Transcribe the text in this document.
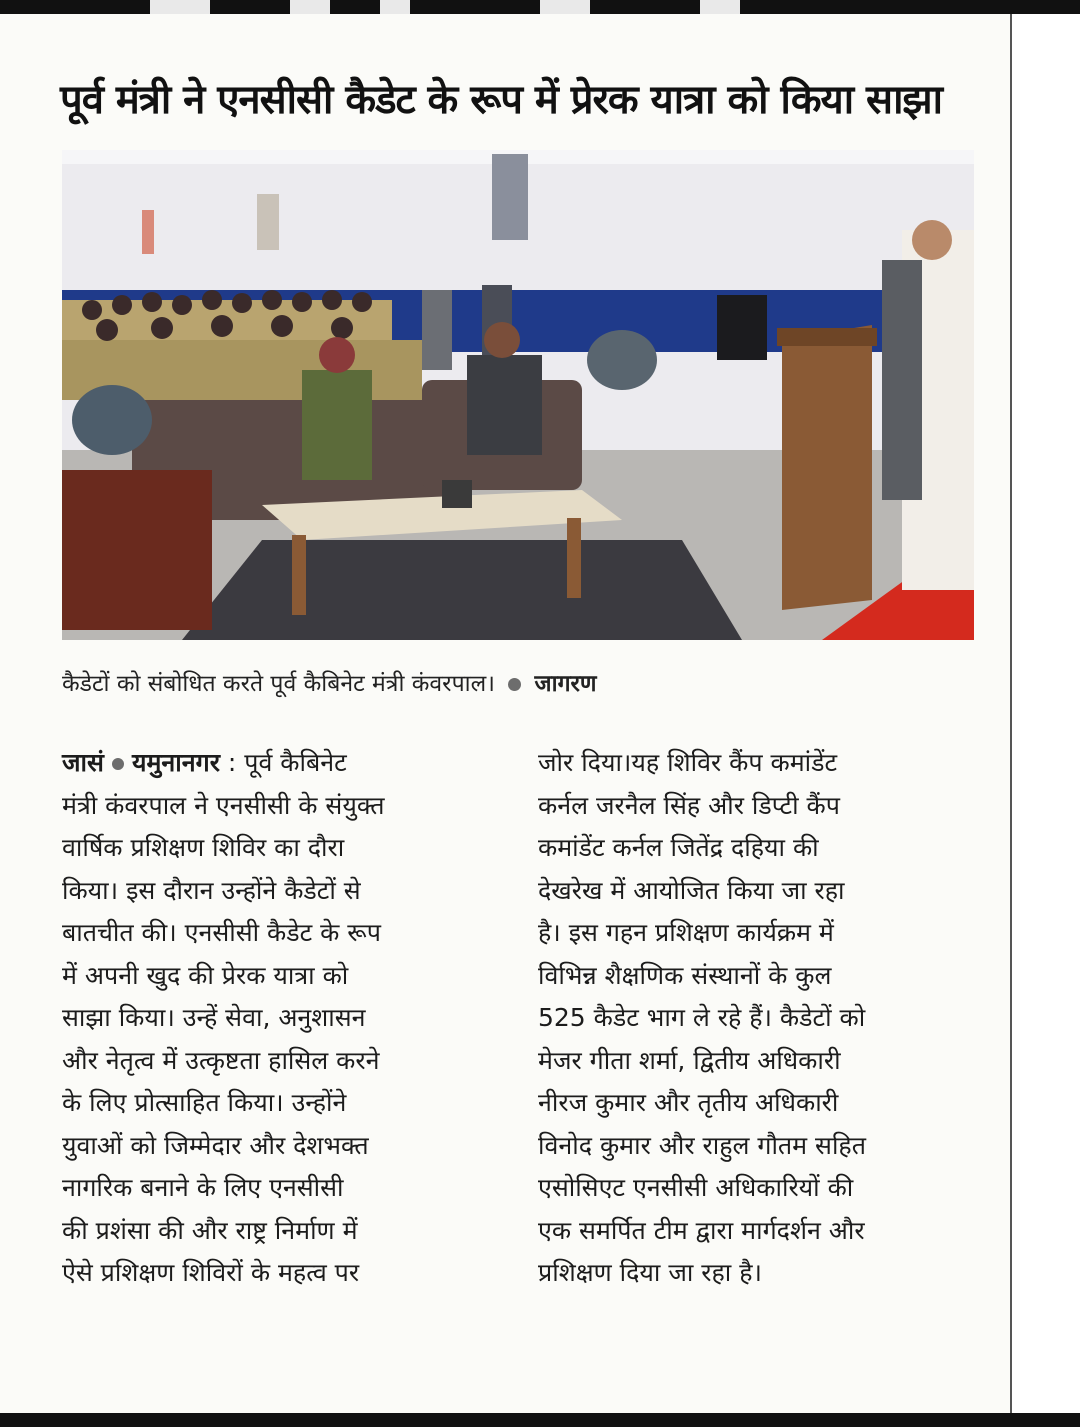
पूर्व मंत्री ने एनसीसी कैडेट के रूप में प्रेरक यात्रा को किया साझा
कैडेटों को संबोधित करते पूर्व कैबिनेट मंत्री कंवरपाल। जागरण
जासं यमुनानगर : पूर्व कैबिनेट
मंत्री कंवरपाल ने एनसीसी के संयुक्त
वार्षिक प्रशिक्षण शिविर का दौरा
किया। इस दौरान उन्होंने कैडेटों से
बातचीत की। एनसीसी कैडेट के रूप
में अपनी खुद की प्रेरक यात्रा को
साझा किया। उन्हें सेवा, अनुशासन
और नेतृत्व में उत्कृष्टता हासिल करने
के लिए प्रोत्साहित किया। उन्होंने
युवाओं को जिम्मेदार और देशभक्त
नागरिक बनाने के लिए एनसीसी
की प्रशंसा की और राष्ट्र निर्माण में
ऐसे प्रशिक्षण शिविरों के महत्व पर
जोर दिया।यह शिविर कैंप कमांडेंट
कर्नल जरनैल सिंह और डिप्टी कैंप
कमांडेंट कर्नल जितेंद्र दहिया की
देखरेख में आयोजित किया जा रहा
है। इस गहन प्रशिक्षण कार्यक्रम में
विभिन्न शैक्षणिक संस्थानों के कुल
525 कैडेट भाग ले रहे हैं। कैडेटों को
मेजर गीता शर्मा, द्वितीय अधिकारी
नीरज कुमार और तृतीय अधिकारी
विनोद कुमार और राहुल गौतम सहित
एसोसिएट एनसीसी अधिकारियों की
एक समर्पित टीम द्वारा मार्गदर्शन और
प्रशिक्षण दिया जा रहा है।
